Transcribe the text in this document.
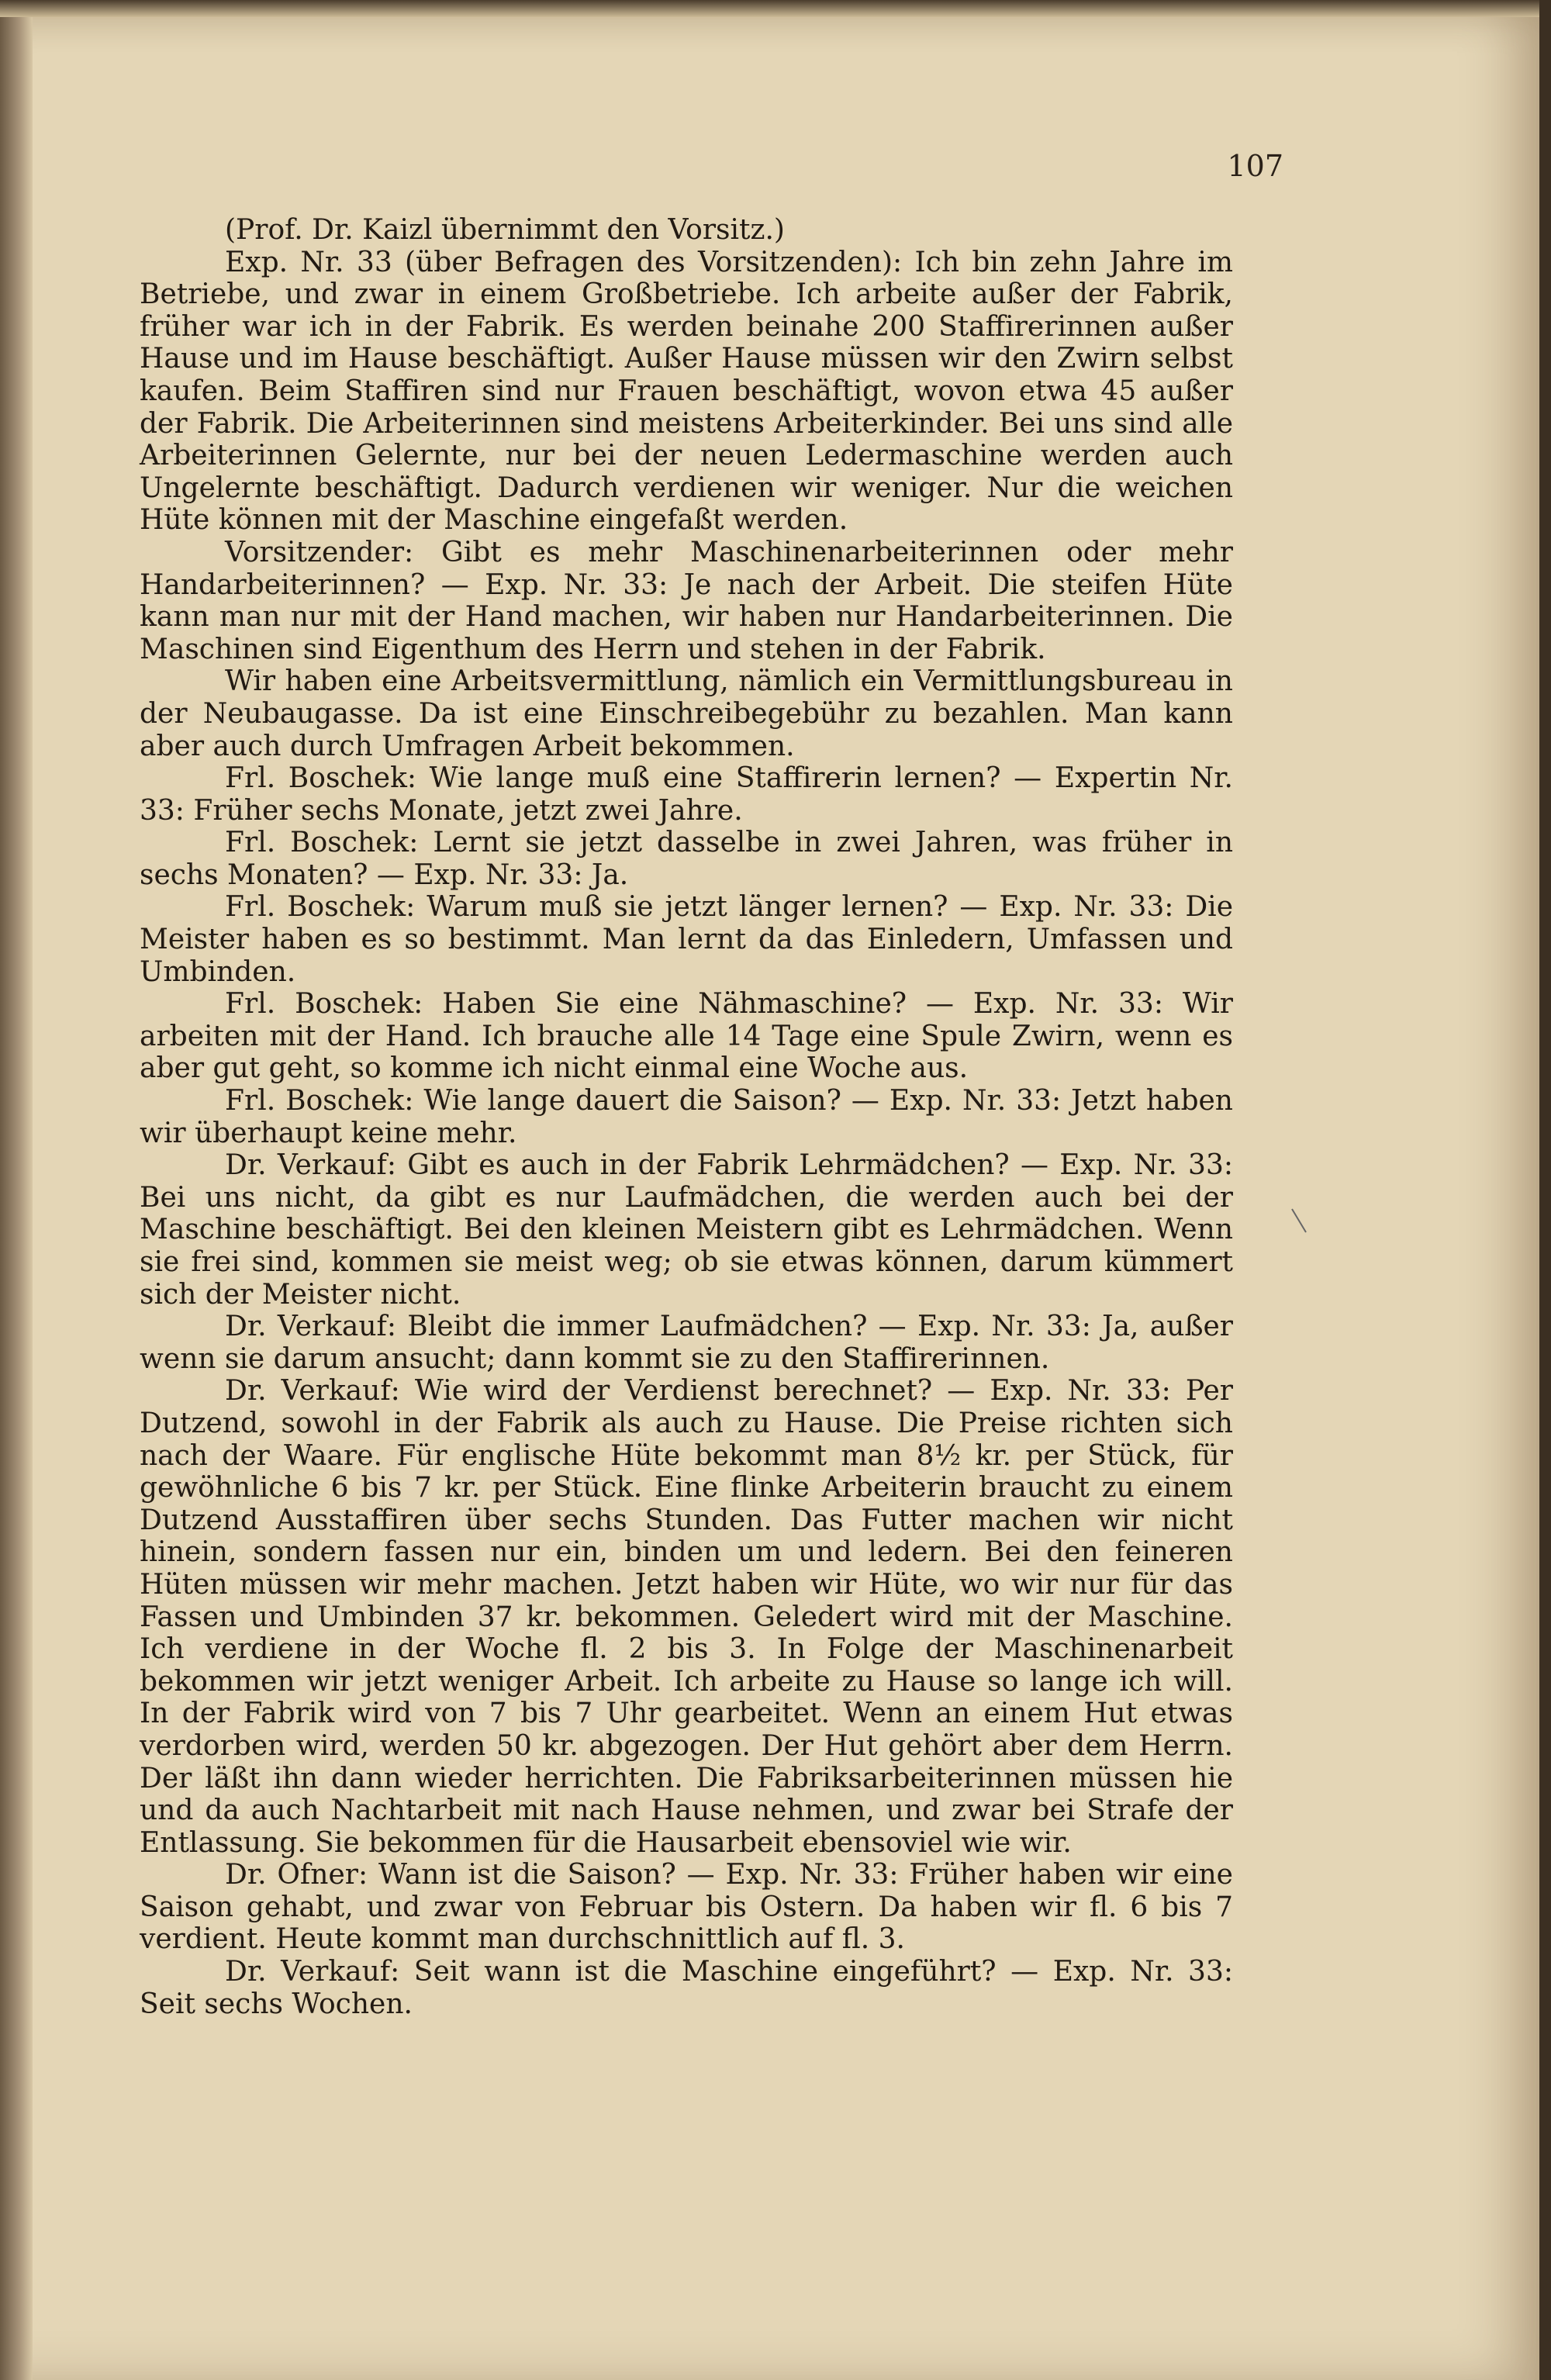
107

(Prof. Dr. Kaizl übernimmt den Vorsitz.)

Exp. Nr. 33 (über Befragen des Vorsitzenden): Ich bin zehn Jahre im Betriebe, und zwar in einem Großbetriebe. Ich arbeite außer der Fabrik, früher war ich in der Fabrik. Es werden beinahe 200 Staffirerinnen außer Hause und im Hause beschäftigt. Außer Hause müssen wir den Zwirn selbst kaufen. Beim Staffiren sind nur Frauen beschäftigt, wovon etwa 45 außer der Fabrik. Die Arbeiterinnen sind meistens Arbeiterkinder. Bei uns sind alle Arbeiterinnen Gelernte, nur bei der neuen Ledermaschine werden auch Ungelernte beschäftigt. Dadurch verdienen wir weniger. Nur die weichen Hüte können mit der Maschine eingefaßt werden.

Vorsitzender: Gibt es mehr Maschinenarbeiterinnen oder mehr Handarbeiterinnen? — Exp. Nr. 33: Je nach der Arbeit. Die steifen Hüte kann man nur mit der Hand machen, wir haben nur Handarbeiterinnen. Die Maschinen sind Eigenthum des Herrn und stehen in der Fabrik.

Wir haben eine Arbeitsvermittlung, nämlich ein Vermittlungsbureau in der Neubaugasse. Da ist eine Einschreibegebühr zu bezahlen. Man kann aber auch durch Umfragen Arbeit bekommen.

Frl. Boschek: Wie lange muß eine Staffirerin lernen? — Expertin Nr. 33: Früher sechs Monate, jetzt zwei Jahre.

Frl. Boschek: Lernt sie jetzt dasselbe in zwei Jahren, was früher in sechs Monaten? — Exp. Nr. 33: Ja.

Frl. Boschek: Warum muß sie jetzt länger lernen? — Exp. Nr. 33: Die Meister haben es so bestimmt. Man lernt da das Einledern, Umfassen und Umbinden.

Frl. Boschek: Haben Sie eine Nähmaschine? — Exp. Nr. 33: Wir arbeiten mit der Hand. Ich brauche alle 14 Tage eine Spule Zwirn, wenn es aber gut geht, so komme ich nicht einmal eine Woche aus.

Frl. Boschek: Wie lange dauert die Saison? — Exp. Nr. 33: Jetzt haben wir überhaupt keine mehr.

Dr. Verkauf: Gibt es auch in der Fabrik Lehrmädchen? — Exp. Nr. 33: Bei uns nicht, da gibt es nur Laufmädchen, die werden auch bei der Maschine beschäftigt. Bei den kleinen Meistern gibt es Lehrmädchen. Wenn sie frei sind, kommen sie meist weg; ob sie etwas können, darum kümmert sich der Meister nicht.

Dr. Verkauf: Bleibt die immer Laufmädchen? — Exp. Nr. 33: Ja, außer wenn sie darum ansucht; dann kommt sie zu den Staffirerinnen.

Dr. Verkauf: Wie wird der Verdienst berechnet? — Exp. Nr. 33: Per Dutzend, sowohl in der Fabrik als auch zu Hause. Die Preise richten sich nach der Waare. Für englische Hüte bekommt man 8½ kr. per Stück, für gewöhnliche 6 bis 7 kr. per Stück. Eine flinke Arbeiterin braucht zu einem Dutzend Ausstaffiren über sechs Stunden. Das Futter machen wir nicht hinein, sondern fassen nur ein, binden um und ledern. Bei den feineren Hüten müssen wir mehr machen. Jetzt haben wir Hüte, wo wir nur für das Fassen und Umbinden 37 kr. bekommen. Geledert wird mit der Maschine. Ich verdiene in der Woche fl. 2 bis 3. In Folge der Maschinenarbeit bekommen wir jetzt weniger Arbeit. Ich arbeite zu Hause so lange ich will. In der Fabrik wird von 7 bis 7 Uhr gearbeitet. Wenn an einem Hut etwas verdorben wird, werden 50 kr. abgezogen. Der Hut gehört aber dem Herrn. Der läßt ihn dann wieder herrichten. Die Fabriksarbeiterinnen müssen hie und da auch Nachtarbeit mit nach Hause nehmen, und zwar bei Strafe der Entlassung. Sie bekommen für die Hausarbeit ebensoviel wie wir.

Dr. Ofner: Wann ist die Saison? — Exp. Nr. 33: Früher haben wir eine Saison gehabt, und zwar von Februar bis Ostern. Da haben wir fl. 6 bis 7 verdient. Heute kommt man durchschnittlich auf fl. 3.

Dr. Verkauf: Seit wann ist die Maschine eingeführt? — Exp. Nr. 33: Seit sechs Wochen.
